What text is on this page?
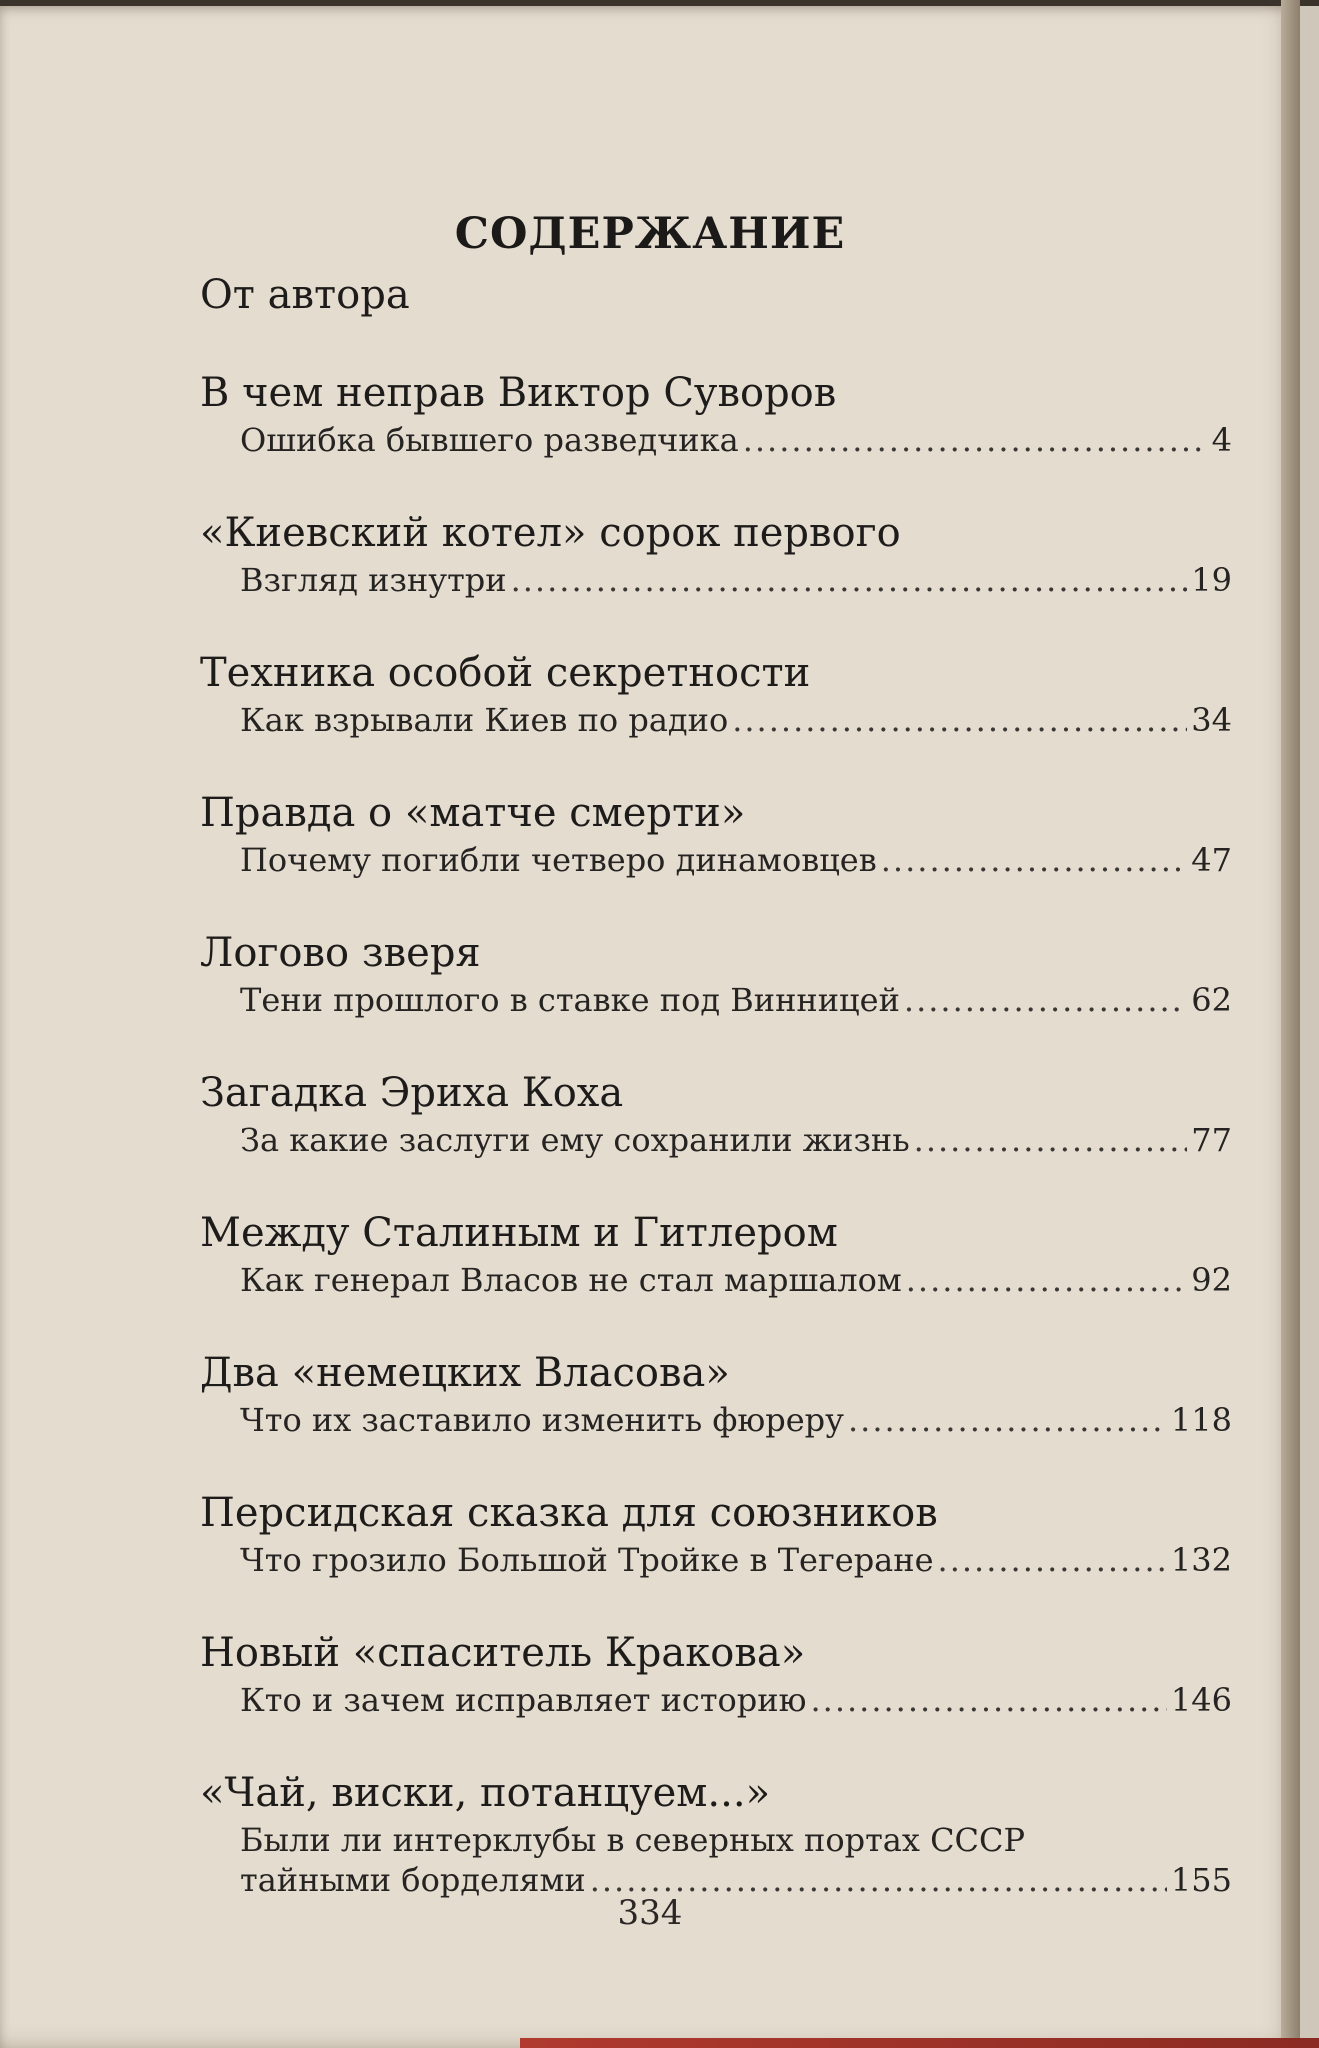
СОДЕРЖАНИЕ
От автора
В чем неправ Виктор Суворов
Ошибка бывшего разведчика .....	4
«Киевский котел» сорок первого
Взгляд изнутри .....	19
Техника особой секретности
Как взрывали Киев по радио .....	34
Правда о «матче смерти»
Почему погибли четверо динамовцев .....	47
Логово зверя
Тени прошлого в ставке под Винницей .....	62
Загадка Эриха Коха
За какие заслуги ему сохранили жизнь .....	77
Между Сталиным и Гитлером
Как генерал Власов не стал маршалом .....	92
Два «немецких Власова»
Что их заставило изменить фюреру .....	118
Персидская сказка для союзников
Что грозило Большой Тройке в Тегеране .....	132
Новый «спаситель Кракова»
Кто и зачем исправляет историю .....	146
«Чай, виски, потанцуем...»
Были ли интерклубы в северных портах СССР
тайными борделями .....	155
334
